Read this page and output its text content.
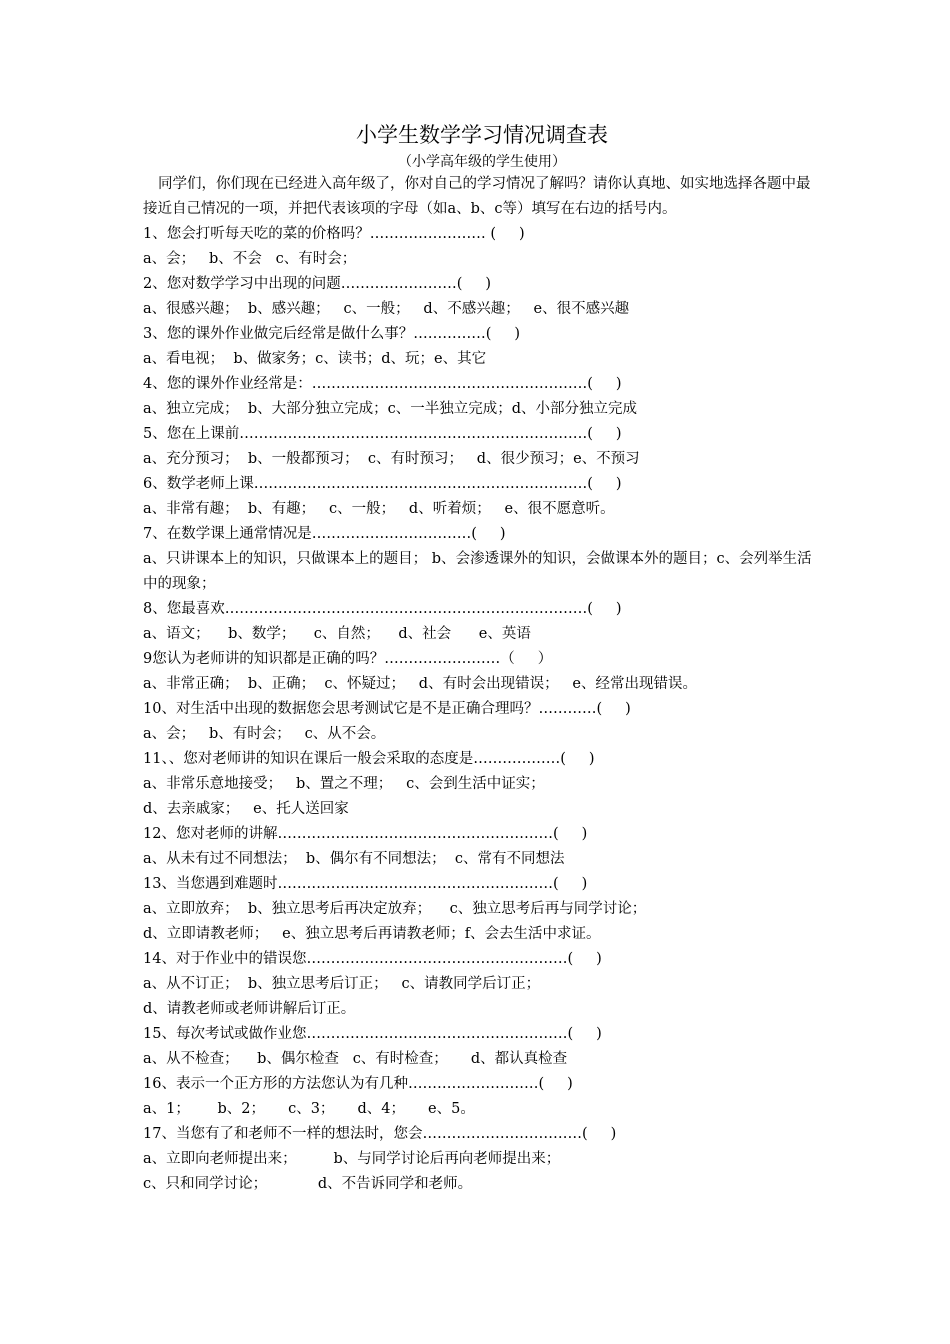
小学生数学学习情况调查表
（小学高年级的学生使用）

同学们，你们现在已经进入高年级了，你对自己的学习情况了解吗？请你认真地、如实地选择各题中最接近自己情况的一项，并把代表该项的字母（如a、b、c等）填写在右边的括号内。

1、您会打听每天吃的菜的价格吗？…………………… (     )
a、会；   b、不会   c、有时会；
2、您对数学学习中出现的问题……………………(     )
a、很感兴趣；  b、感兴趣；   c、一般；   d、不感兴趣；   e、很不感兴趣
3、您的课外作业做完后经常是做什么事？……………(     )
a、看电视；  b、做家务；c、读书；d、玩；e、其它
4、您的课外作业经常是：…………………………………………………(     )
a、独立完成；  b、大部分独立完成；c、一半独立完成；d、小部分独立完成
5、您在上课前………………………………………………………………(     )
a、充分预习；  b、一般都预习；  c、有时预习；   d、很少预习；e、不预习
6、数学老师上课……………………………………………………………(     )
a、非常有趣；  b、有趣；   c、一般；   d、听着烦；   e、很不愿意听。
7、在数学课上通常情况是……………………………(     )
a、只讲课本上的知识，只做课本上的题目； b、会渗透课外的知识，会做课本外的题目；c、会列举生活中的现象；
8、您最喜欢…………………………………………………………………(     )
a、语文；    b、数学；    c、自然；    d、社会      e、英语
9您认为老师讲的知识都是正确的吗？……………………（     ）
a、非常正确；  b、正确；  c、怀疑过；   d、有时会出现错误；   e、经常出现错误。
10、对生活中出现的数据您会思考测试它是不是正确合理吗？…………(     )
a、会；   b、有时会；   c、从不会。
11、、您对老师讲的知识在课后一般会采取的态度是………………(     )
a、非常乐意地接受；   b、置之不理；   c、会到生活中证实；
d、去亲戚家；   e、托人送回家
12、您对老师的讲解…………………………………………………(     )
a、从未有过不同想法；  b、偶尔有不同想法；  c、常有不同想法
13、当您遇到难题时…………………………………………………(     )
a、立即放弃；  b、独立思考后再决定放弃；    c、独立思考后再与同学讨论；
d、立即请教老师；   e、独立思考后再请教老师；f、会去生活中求证。
14、对于作业中的错误您………………………………………………(     )
a、从不订正；  b、独立思考后订正；   c、请教同学后订正；
d、请教老师或老师讲解后订正。
15、每次考试或做作业您………………………………………………(     )
a、从不检查；    b、偶尔检查   c、有时检查；     d、都认真检查
16、表示一个正方形的方法您认为有几种………………………(     )
a、1；      b、2；     c、3；     d、4；     e、5。
17、当您有了和老师不一样的想法时，您会……………………………(     )
a、立即向老师提出来；        b、与同学讨论后再向老师提出来；
c、只和同学讨论；           d、不告诉同学和老师。
